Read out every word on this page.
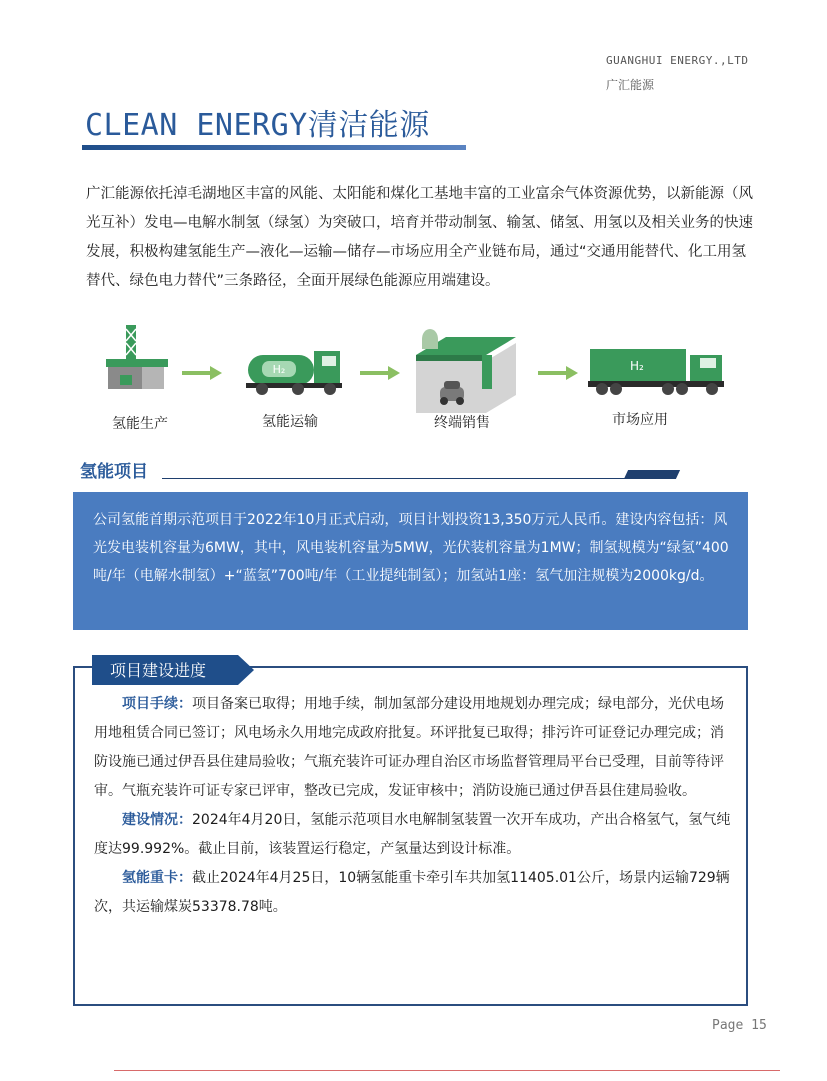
GUANGHUI ENERGY.,LTD
广汇能源
CLEAN ENERGY清洁能源
广汇能源依托淖毛湖地区丰富的风能、太阳能和煤化工基地丰富的工业富余气体资源优势，以新能源（风光互补）发电—电解水制氢（绿氢）为突破口，培育并带动制氢、输氢、储氢、用氢以及相关业务的快速发展，积极构建氢能生产—液化—运输—储存—市场应用全产业链布局，通过“交通用能替代、化工用氢替代、绿色电力替代”三条路径，全面开展绿色能源应用端建设。
H₂	H₂
氢能生产	氢能运输	终端销售	市场应用
氢能项目

公司氢能首期示范项目于2022年10月正式启动，项目计划投资13,350万元人民币。建设内容包括：风光发电装机容量为6MW，其中，风电装机容量为5MW，光伏装机容量为1MW；制氢规模为“绿氢”400吨/年（电解水制氢）+“蓝氢”700吨/年（工业提纯制氢）；加氢站1座：氢气加注规模为2000kg/d。

项目建设进度

项目手续：项目备案已取得；用地手续，制加氢部分建设用地规划办理完成；绿电部分，光伏电场用地租赁合同已签订；风电场永久用地完成政府批复。环评批复已取得；排污许可证登记办理完成；消防设施已通过伊吾县住建局验收；气瓶充装许可证办理自治区市场监督管理局平台已受理，目前等待评审。气瓶充装许可证专家已评审，整改已完成，发证审核中；消防设施已通过伊吾县住建局验收。

建设情况：2024年4月20日，氢能示范项目水电解制氢装置一次开车成功，产出合格氢气，氢气纯度达99.992%。截止目前，该装置运行稳定，产氢量达到设计标准。

氢能重卡：截止2024年4月25日，10辆氢能重卡牵引车共加氢11405.01公斤，场景内运输729辆次，共运输煤炭53378.78吨。

Page 15
